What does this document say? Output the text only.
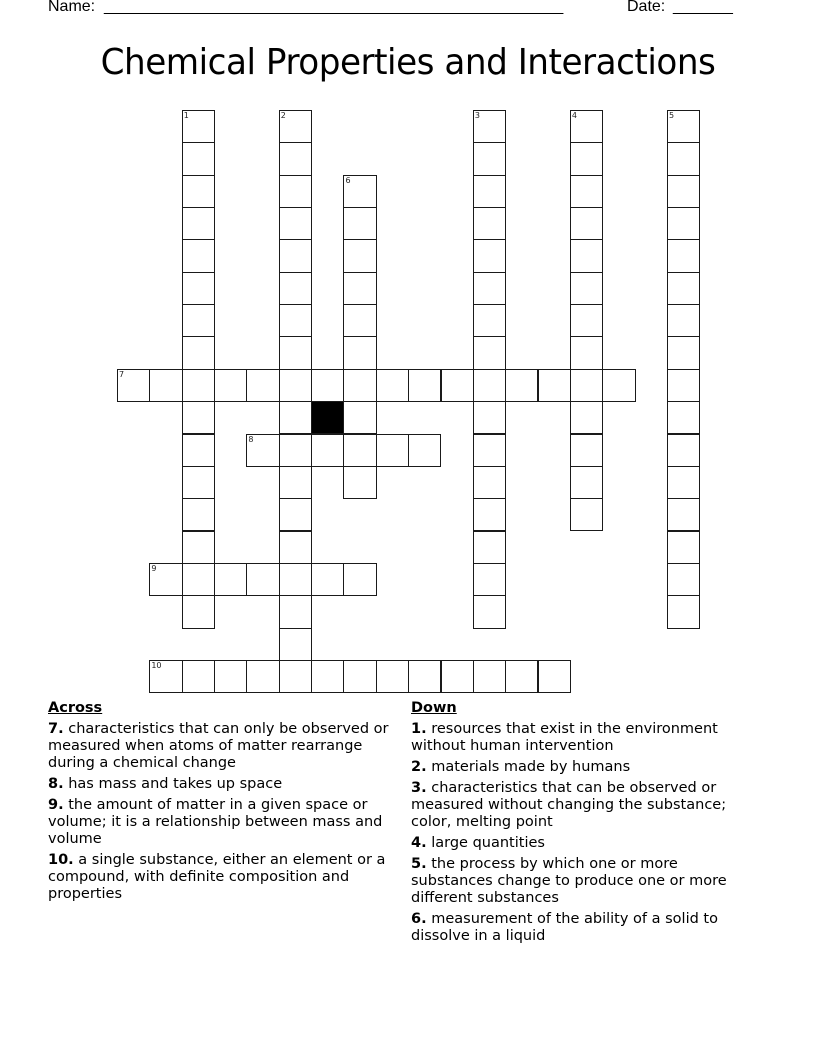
Name: ______________________________________________________	Date: _______
Chemical Properties and Interactions
1	2	3	4	5
6
7
8
9
10
Across
7. characteristics that can only be observed or measured when atoms of matter rearrange during a chemical change
8. has mass and takes up space
9. the amount of matter in a given space or volume; it is a relationship between mass and volume
10. a single substance, either an element or a compound, with definite composition and properties
Down
1. resources that exist in the environment without human intervention
2. materials made by humans
3. characteristics that can be observed or measured without changing the substance; color, melting point
4. large quantities
5. the process by which one or more substances change to produce one or more different substances
6. measurement of the ability of a solid to dissolve in a liquid
